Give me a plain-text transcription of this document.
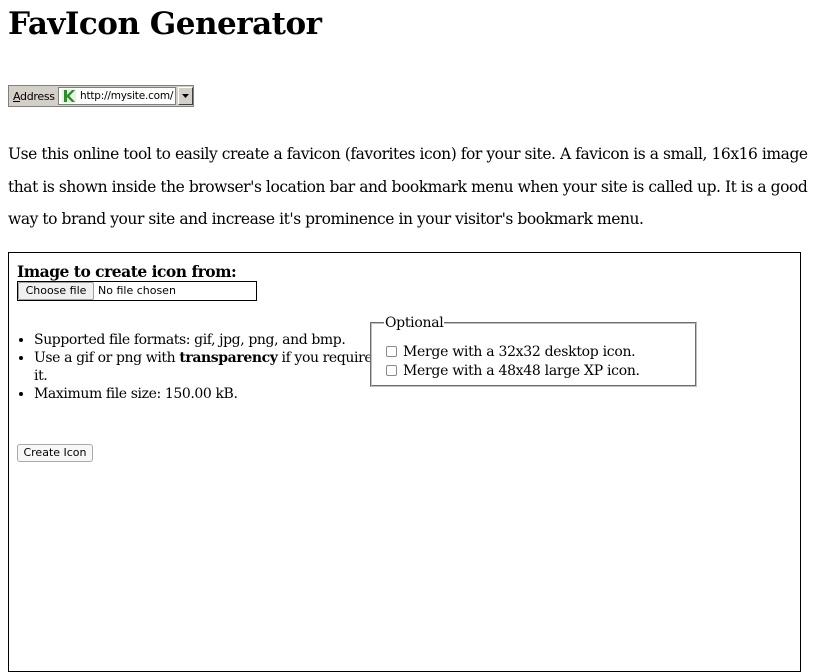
FavIcon Generator
Address http://mysite.com/

Use this online tool to easily create a favicon (favorites icon) for your site. A favicon is a small, 16x16 image that is shown inside the browser's location bar and bookmark menu when your site is called up. It is a good way to brand your site and increase it's prominence in your visitor's bookmark menu.

Image to create icon from:
Choose file	No file chosen
• Supported file formats: gif, jpg, png, and bmp.
• Use a gif or png with transparency if you require it.
• Maximum file size: 150.00 kB.
Optional
Merge with a 32x32 desktop icon.
Merge with a 48x48 large XP icon.
Create Icon
